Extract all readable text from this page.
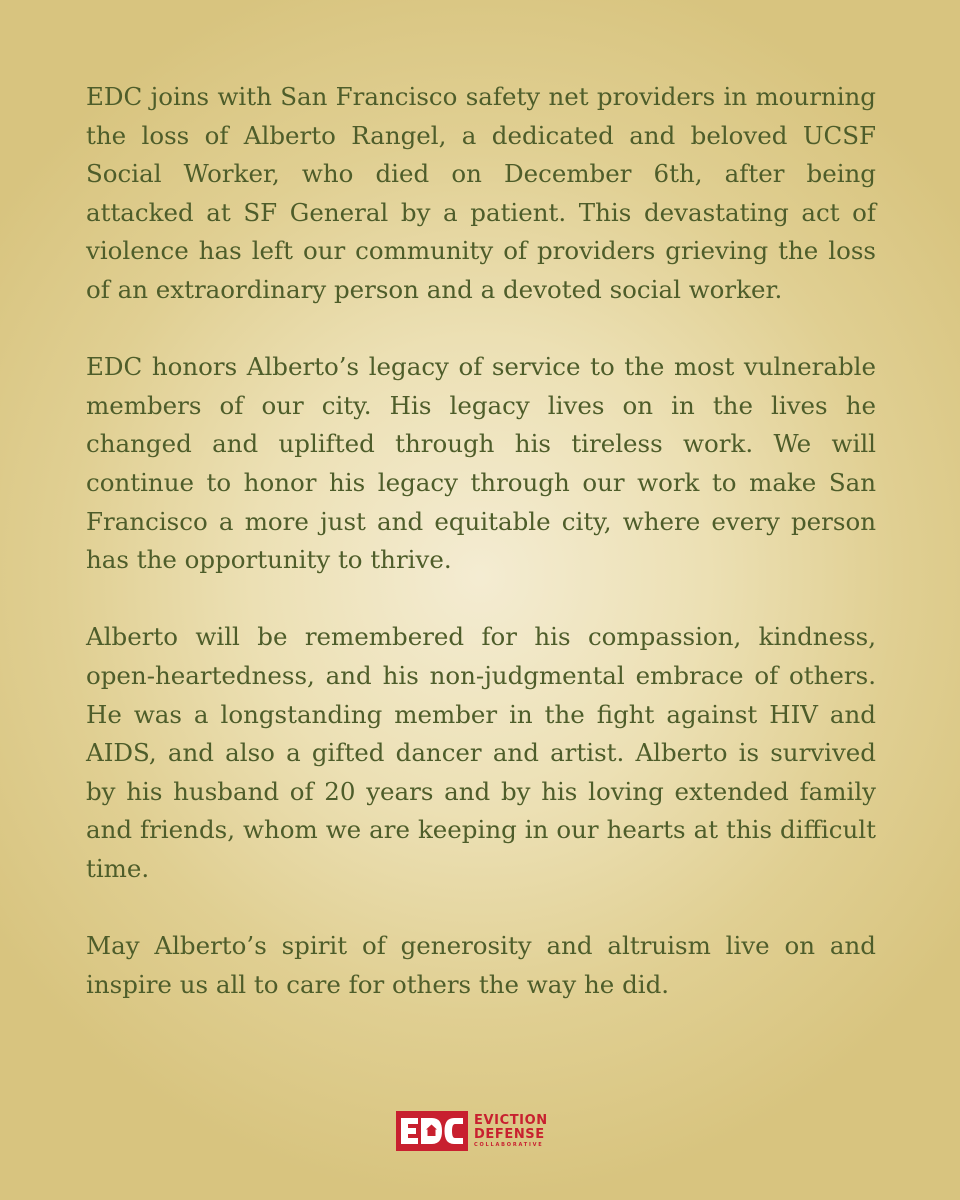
EDC joins with San Francisco safety net providers in mourning the loss of Alberto Rangel, a dedicated and beloved UCSF Social Worker, who died on December 6th, after being attacked at SF General by a patient. This devastating act of violence has left our community of providers grieving the loss of an extraordinary person and a devoted social worker.

EDC honors Alberto’s legacy of service to the most vulnerable members of our city. His legacy lives on in the lives he changed and uplifted through his tireless work. We will continue to honor his legacy through our work to make San Francisco a more just and equitable city, where every person has the opportunity to thrive.

Alberto will be remembered for his compassion, kindness, open-heartedness, and his non-judgmental embrace of others. He was a longstanding member in the fight against HIV and AIDS, and also a gifted dancer and artist. Alberto is survived by his husband of 20 years and by his loving extended family and friends, whom we are keeping in our hearts at this difficult time.

May Alberto’s spirit of generosity and altruism live on and inspire us all to care for others the way he did.

EVICTION
DEFENSE
COLLABORATIVE
